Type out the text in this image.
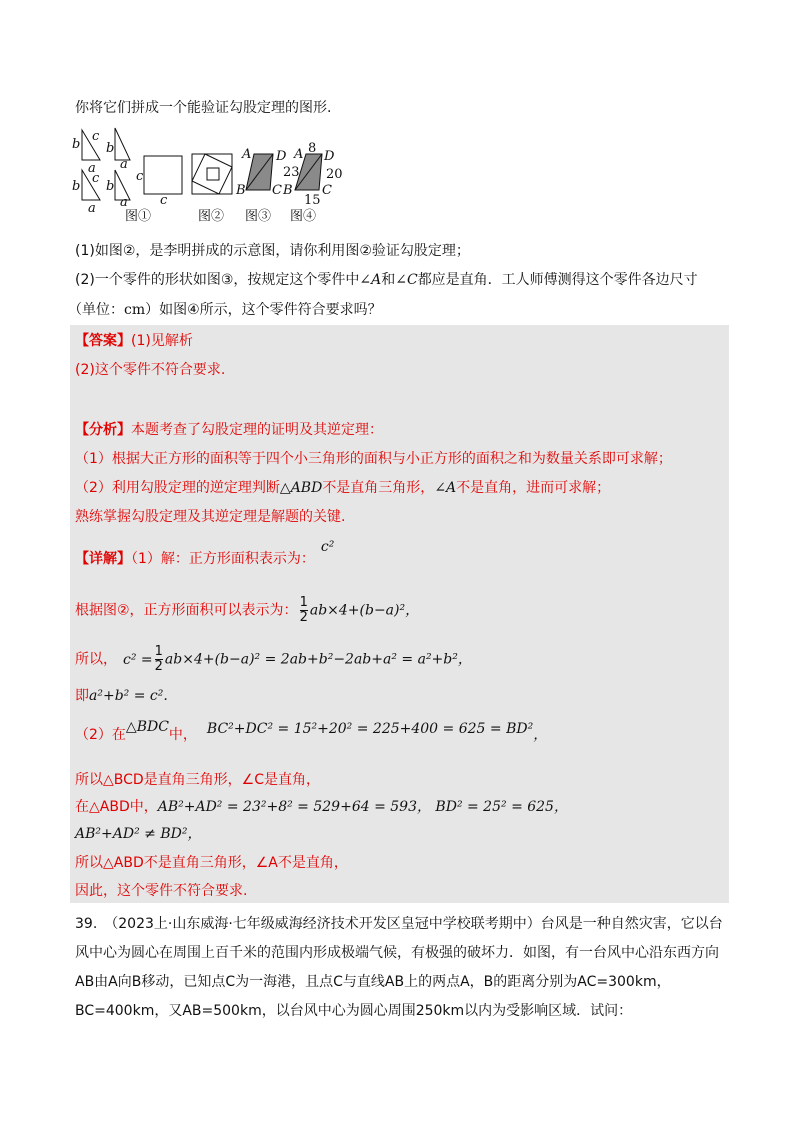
你将它们拼成一个能验证勾股定理的图形.
b
c
a
b
a
b
c
a
b
a
c
c
A D
B C
A 8
D
23 20
B C
15
图①	图② 图③ 图④
(1)如图②，是李明拼成的示意图，请你利用图②验证勾股定理；
(2)一个零件的形状如图③，按规定这个零件中∠A和∠C都应是直角．工人师傅测得这个零件各边尺寸
（单位：cm）如图④所示，这个零件符合要求吗？
【答案】(1)见解析
(2)这个零件不符合要求.
【分析】本题考查了勾股定理的证明及其逆定理：
（1）根据大正方形的面积等于四个小三角形的面积与小正方形的面积之和为数量关系即可求解；
（2）利用勾股定理的逆定理判断△ABD不是直角三角形，∠A不是直角，进而可求解；
熟练掌握勾股定理及其逆定理是解题的关键.
【详解】（1）解：正方形面积表示为：c²
根据图②，正方形面积可以表示为： $\frac{1}{2} ab\times 4+(b-a)^2$，
所以， $c^2 = \frac{1}{2} ab\times 4+(b-a)^2 = 2ab+b^2-2ab+a^2 = a^2+b^2$，
即a²+b² = c².
（2）在△BDC中， BC²+DC² = 15²+20² = 225+400 = 625 = BD²，
所以△BCD是直角三角形，∠C是直角，
在△ABD中，AB²+AD² = 23²+8² = 529+64 = 593， BD² = 25² = 625，
AB²+AD² ≠ BD²，
所以△ABD不是直角三角形，∠A不是直角，
因此，这个零件不符合要求.
39.　（2023上·山东威海·七年级威海经济技术开发区皇冠中学校联考期中）台风是一种自然灾害，它以台
风中心为圆心在周围上百千米的范围内形成极端气候，有极强的破坏力．如图，有一台风中心沿东西方向
AB由A向B移动，已知点C为一海港，且点C与直线AB上的两点A，B的距离分别为AC=300km，
BC=400km，又AB=500km，以台风中心为圆心周围250km以内为受影响区域．试问：
